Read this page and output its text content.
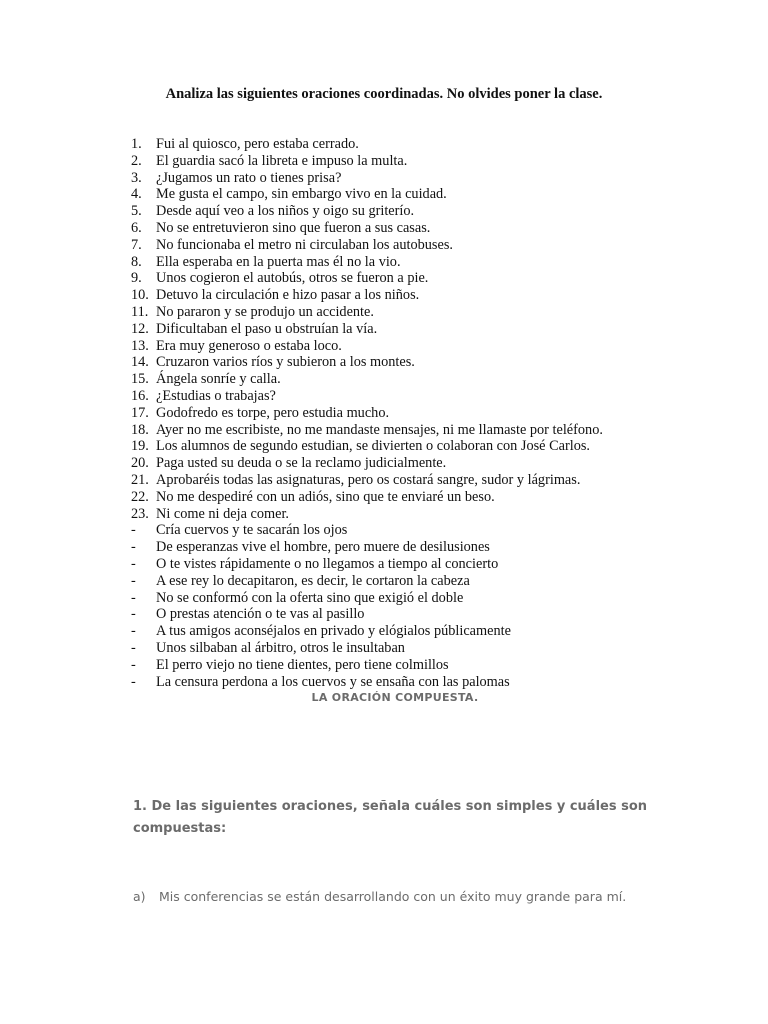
Analiza las siguientes oraciones coordinadas. No olvides poner la clase.
1. Fui al quiosco, pero estaba cerrado.
2. El guardia sacó la libreta e impuso la multa.
3. ¿Jugamos un rato o tienes prisa?
4. Me gusta el campo, sin embargo vivo en la cuidad.
5. Desde aquí veo a los niños y oigo su griterío.
6. No se entretuvieron sino que fueron a sus casas.
7. No funcionaba el metro ni circulaban los autobuses.
8. Ella esperaba en la puerta mas él no la vio.
9. Unos cogieron el autobús, otros se fueron a pie.
10. Detuvo la circulación e hizo pasar a los niños.
11. No pararon y se produjo un accidente.
12. Dificultaban el paso u obstruían la vía.
13. Era muy generoso o estaba loco.
14. Cruzaron varios ríos y subieron a los montes.
15. Ángela sonríe y calla.
16. ¿Estudias o trabajas?
17. Godofredo es torpe, pero estudia mucho.
18. Ayer no me escribiste, no me mandaste mensajes, ni me llamaste por teléfono.
19. Los alumnos de segundo estudian, se divierten o colaboran con José Carlos.
20. Paga usted su deuda o se la reclamo judicialmente.
21. Aprobaréis todas las asignaturas, pero os costará sangre, sudor y lágrimas.
22. No me despediré con un adiós, sino que te enviaré un beso.
23. Ni come ni deja comer.
-	Cría cuervos y te sacarán los ojos
-	De esperanzas vive el hombre, pero muere de desilusiones
-	O te vistes rápidamente o no llegamos a tiempo al concierto
-	A ese rey lo decapitaron, es decir, le cortaron la cabeza
-	No se conformó con la oferta sino que exigió el doble
-	O prestas atención o te vas al pasillo
-	A tus amigos aconséjalos en privado y elógialos públicamente
-	Unos silbaban al árbitro, otros le insultaban
-	El perro viejo no tiene dientes, pero tiene colmillos
-	La censura perdona a los cuervos y se ensaña con las palomas
LA ORACIÓN COMPUESTA.
1. De las siguientes oraciones, señala cuáles son simples y cuáles son compuestas:
a)	Mis conferencias se están desarrollando con un éxito muy grande para mí.
